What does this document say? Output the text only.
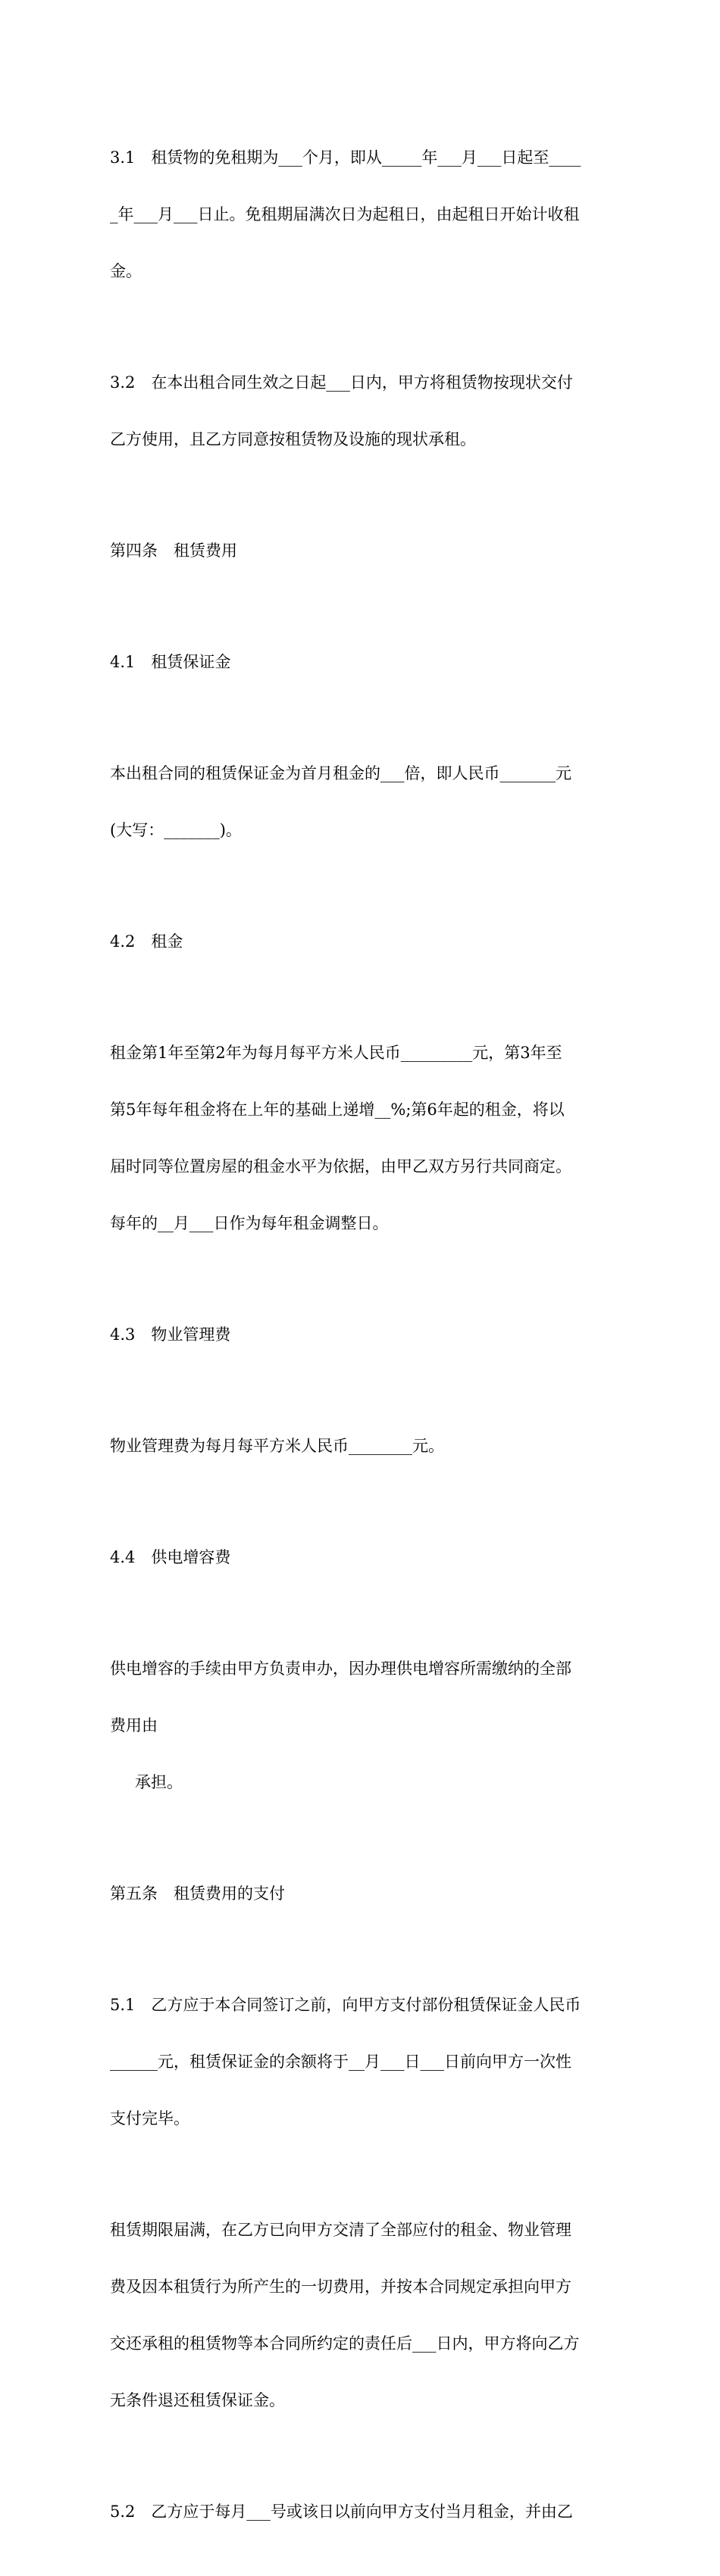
3.1　租赁物的免租期为___个月，即从_____年___月___日起至____

_年___月___日止。免租期届满次日为起租日，由起租日开始计收租

金。

3.2　在本出租合同生效之日起___日内，甲方将租赁物按现状交付

乙方使用，且乙方同意按租赁物及设施的现状承租。

第四条　租赁费用

4.1　租赁保证金

本出租合同的租赁保证金为首月租金的___倍，即人民币_______元

(大写：_______)。

4.2　租金

租金第1年至第2年为每月每平方米人民币_________元，第3年至

第5年每年租金将在上年的基础上递增__%;第6年起的租金，将以

届时同等位置房屋的租金水平为依据，由甲乙双方另行共同商定。

每年的__月___日作为每年租金调整日。

4.3　物业管理费

物业管理费为每月每平方米人民币________元。

4.4　供电增容费

供电增容的手续由甲方负责申办，因办理供电增容所需缴纳的全部

费用由

承担。

第五条　租赁费用的支付

5.1　乙方应于本合同签订之前，向甲方支付部份租赁保证金人民币

______元，租赁保证金的余额将于__月___日___日前向甲方一次性

支付完毕。

租赁期限届满，在乙方已向甲方交清了全部应付的租金、物业管理

费及因本租赁行为所产生的一切费用，并按本合同规定承担向甲方

交还承租的租赁物等本合同所约定的责任后___日内，甲方将向乙方

无条件退还租赁保证金。

5.2　乙方应于每月___号或该日以前向甲方支付当月租金，并由乙
